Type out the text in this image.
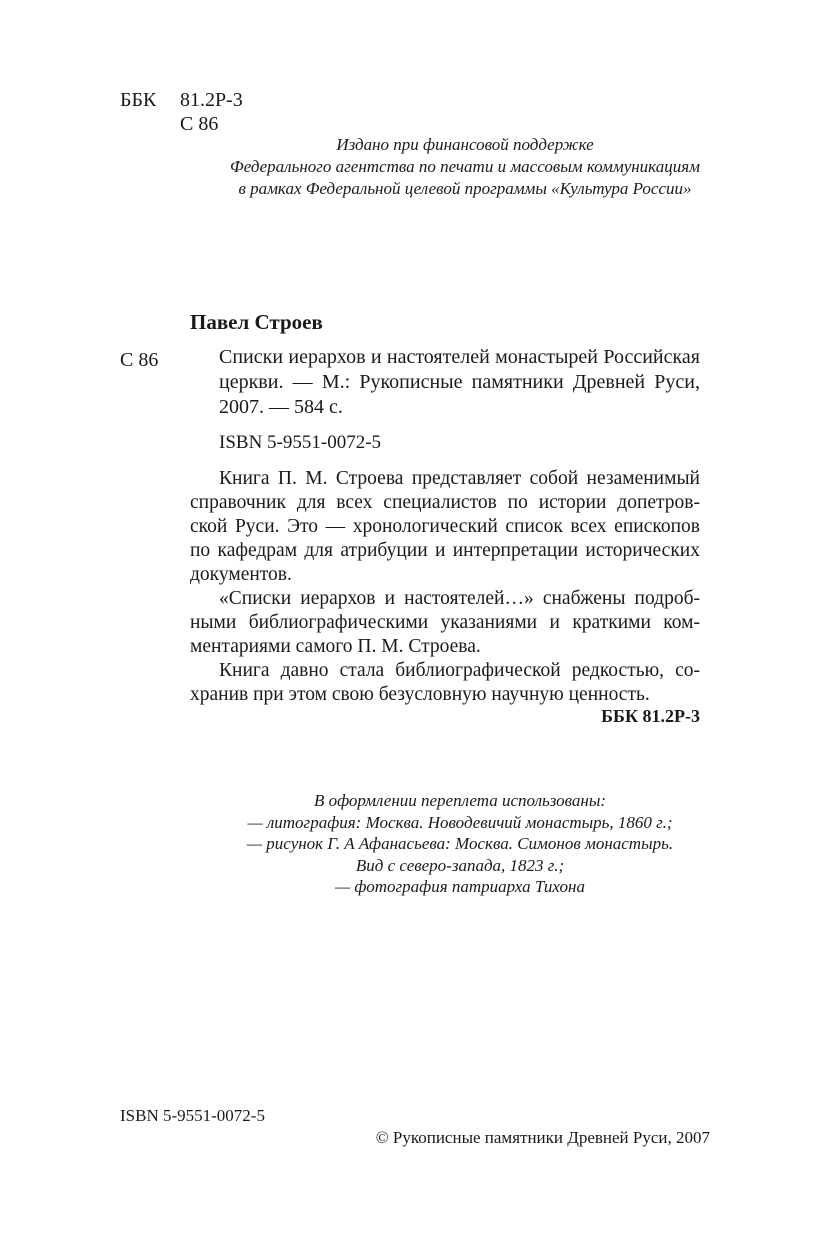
ББК 81.2Р-3
С 86
Издано при финансовой поддержке
Федерального агентства по печати и массовым коммуникациям
в рамках Федеральной целевой программы «Культура России»
Павел Строев
С 86	Списки иерархов и настоятелей монастырей Российская церкви. — М.: Рукописные памятники Древней Руси, 2007. — 584 с.
ISBN 5-9551-0072-5
Книга П. М. Строева представляет собой незаменимый
справочник для всех специалистов по истории допетров-
ской Руси. Это — хронологический список всех епископов
по кафедрам для атрибуции и интерпретации исторических
документов.
«Списки иерархов и настоятелей…» снабжены подроб-
ными библиографическими указаниями и краткими ком-
ментариями самого П. М. Строева.
Книга давно стала библиографической редкостью, со-
хранив при этом свою безусловную научную ценность.
ББК 81.2Р-3
В оформлении переплета использованы:
— литография: Москва. Новодевичий монастырь, 1860 г.;
— рисунок Г. А Афанасьева: Москва. Симонов монастырь.
Вид с северо-запада, 1823 г.;
— фотография патриарха Тихона
ISBN 5-9551-0072-5
© Рукописные памятники Древней Руси, 2007
